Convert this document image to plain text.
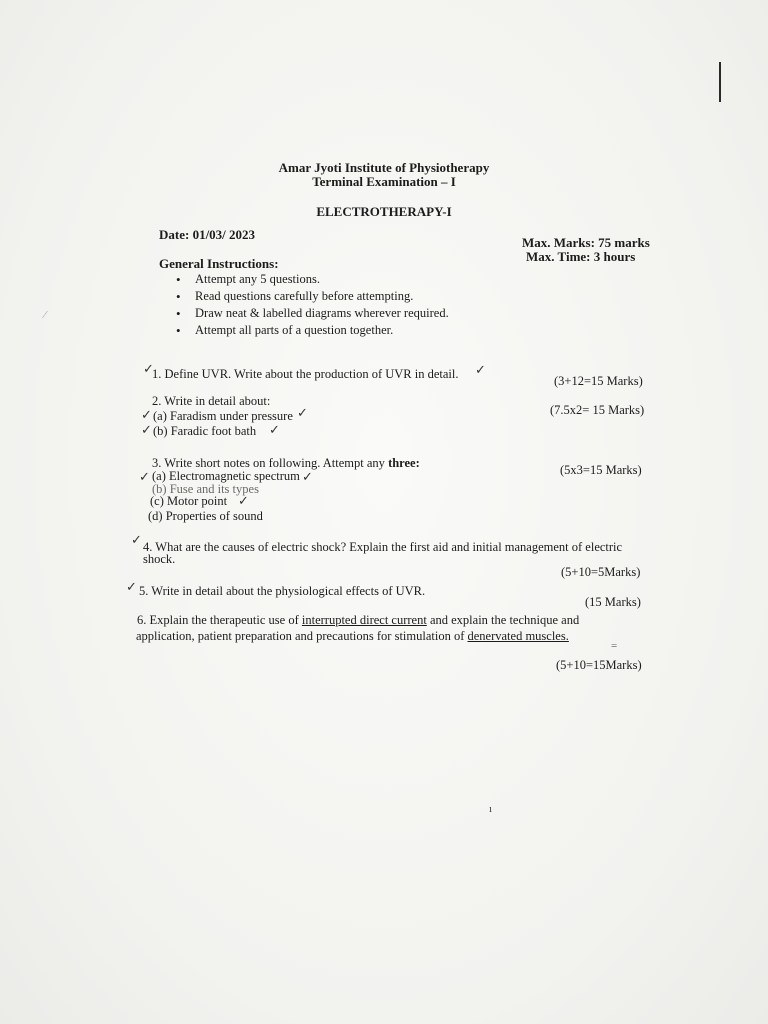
⁄
Amar Jyoti Institute of Physiotherapy
Terminal Examination – I
ELECTROTHERAPY-I
Date: 01/03/ 2023
Max. Marks: 75 marks
Max. Time: 3 hours
General Instructions:
• Attempt any 5 questions.
• Read questions carefully before attempting.
• Draw neat & labelled diagrams wherever required.
• Attempt all parts of a question together.
✓
1. Define UVR. Write about the production of UVR in detail. ✓
(3+12=15 Marks)
2. Write in detail about:
(7.5x2= 15 Marks)
✓ (a) Faradism under pressure ✓
✓ (b) Faradic foot bath ✓
3. Write short notes on following. Attempt any three:	(5x3=15 Marks)
✓ (a) Electromagnetic spectrum ✓
(b) Fuse and its types
(c) Motor point ✓
(d) Properties of sound
✓ 4. What are the causes of electric shock? Explain the first aid and initial management of electric
shock.
(5+10=5Marks)
✓ 5. Write in detail about the physiological effects of UVR.
(15 Marks)
6. Explain the therapeutic use of interrupted direct current and explain the technique and
application, patient preparation and precautions for stimulation of denervated muscles.
=
(5+10=15Marks)
ı
